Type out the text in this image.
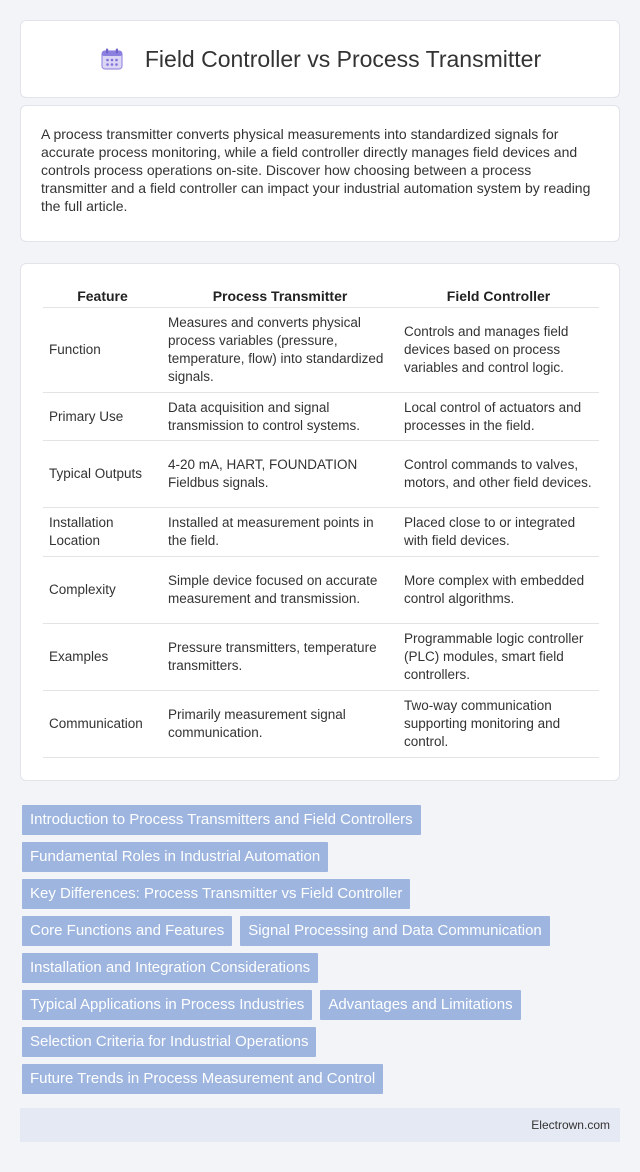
Field Controller vs Process Transmitter

A process transmitter converts physical measurements into standardized signals for accurate process monitoring, while a field controller directly manages field devices and controls process operations on-site. Discover how choosing between a process transmitter and a field controller can impact your industrial automation system by reading the full article.

Feature	Process Transmitter	Field Controller
Function	Measures and converts physical process variables (pressure, temperature, flow) into standardized signals.	Controls and manages field devices based on process variables and control logic.
Primary Use	Data acquisition and signal transmission to control systems.	Local control of actuators and processes in the field.
Typical Outputs	4-20 mA, HART, FOUNDATION Fieldbus signals.	Control commands to valves, motors, and other field devices.
Installation Location	Installed at measurement points in the field.	Placed close to or integrated with field devices.
Complexity	Simple device focused on accurate measurement and transmission.	More complex with embedded control algorithms.
Examples	Pressure transmitters, temperature transmitters.	Programmable logic controller (PLC) modules, smart field controllers.
Communication	Primarily measurement signal communication.	Two-way communication supporting monitoring and control.
Introduction to Process Transmitters and Field Controllers
Fundamental Roles in Industrial Automation
Key Differences: Process Transmitter vs Field Controller
Core Functions and Features	Signal Processing and Data Communication
Installation and Integration Considerations
Typical Applications in Process Industries	Advantages and Limitations
Selection Criteria for Industrial Operations
Future Trends in Process Measurement and Control
Electrown.com
